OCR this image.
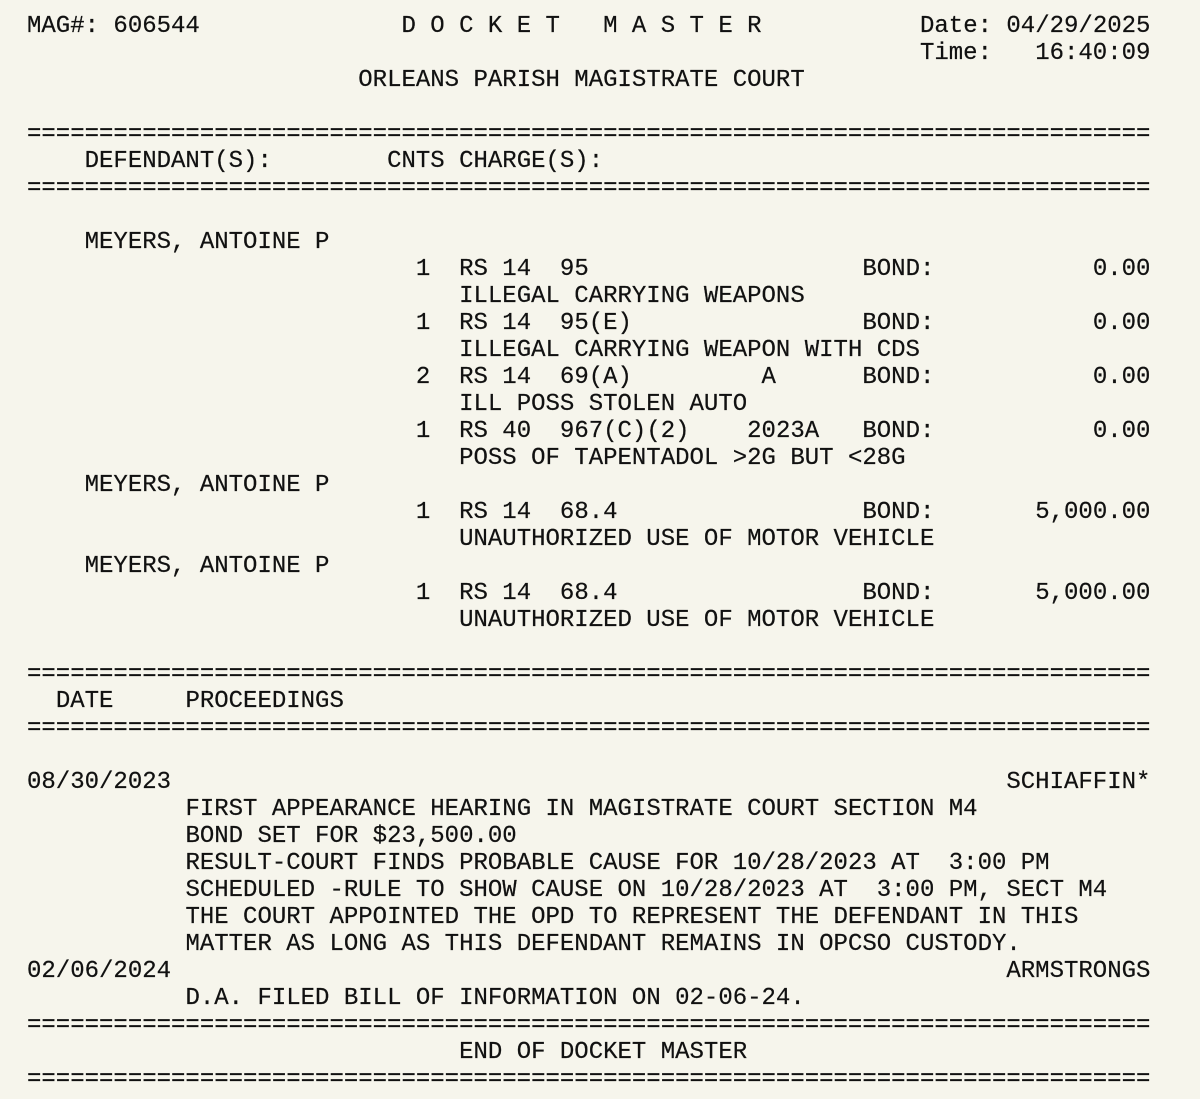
MAG#: 606544	D O C K E T   M A S T E R	Date: 04/29/2025
Time: 16:40:09
ORLEANS PARISH MAGISTRATE COURT

==============================================================================
DEFENDANT(S):	CNTS CHARGE(S):
==============================================================================

MEYERS, ANTOINE P
1 RS 14  95	BOND:	0.00
ILLEGAL CARRYING WEAPONS
1 RS 14  95(E)	BOND:	0.00
ILLEGAL CARRYING WEAPON WITH CDS
2 RS 14  69(A)	A	BOND:	0.00
ILL POSS STOLEN AUTO
1 RS 40  967(C)(2) 2023A BOND:	0.00
POSS OF TAPENTADOL >2G BUT <28G
MEYERS, ANTOINE P
1 RS 14  68.4	BOND:	5,000.00
UNAUTHORIZED USE OF MOTOR VEHICLE
MEYERS, ANTOINE P
1 RS 14  68.4	BOND:	5,000.00
UNAUTHORIZED USE OF MOTOR VEHICLE

==============================================================================
DATE	PROCEEDINGS
==============================================================================

08/30/2023	SCHIAFFIN*
FIRST APPEARANCE HEARING IN MAGISTRATE COURT SECTION M4
BOND SET FOR $23,500.00
RESULT-COURT FINDS PROBABLE CAUSE FOR 10/28/2023 AT  3:00 PM
SCHEDULED -RULE TO SHOW CAUSE ON 10/28/2023 AT  3:00 PM, SECT M4
THE COURT APPOINTED THE OPD TO REPRESENT THE DEFENDANT IN THIS
MATTER AS LONG AS THIS DEFENDANT REMAINS IN OPCSO CUSTODY.
02/06/2024	ARMSTRONGS
D.A. FILED BILL OF INFORMATION ON 02-06-24.
==============================================================================
END OF DOCKET MASTER
==============================================================================
